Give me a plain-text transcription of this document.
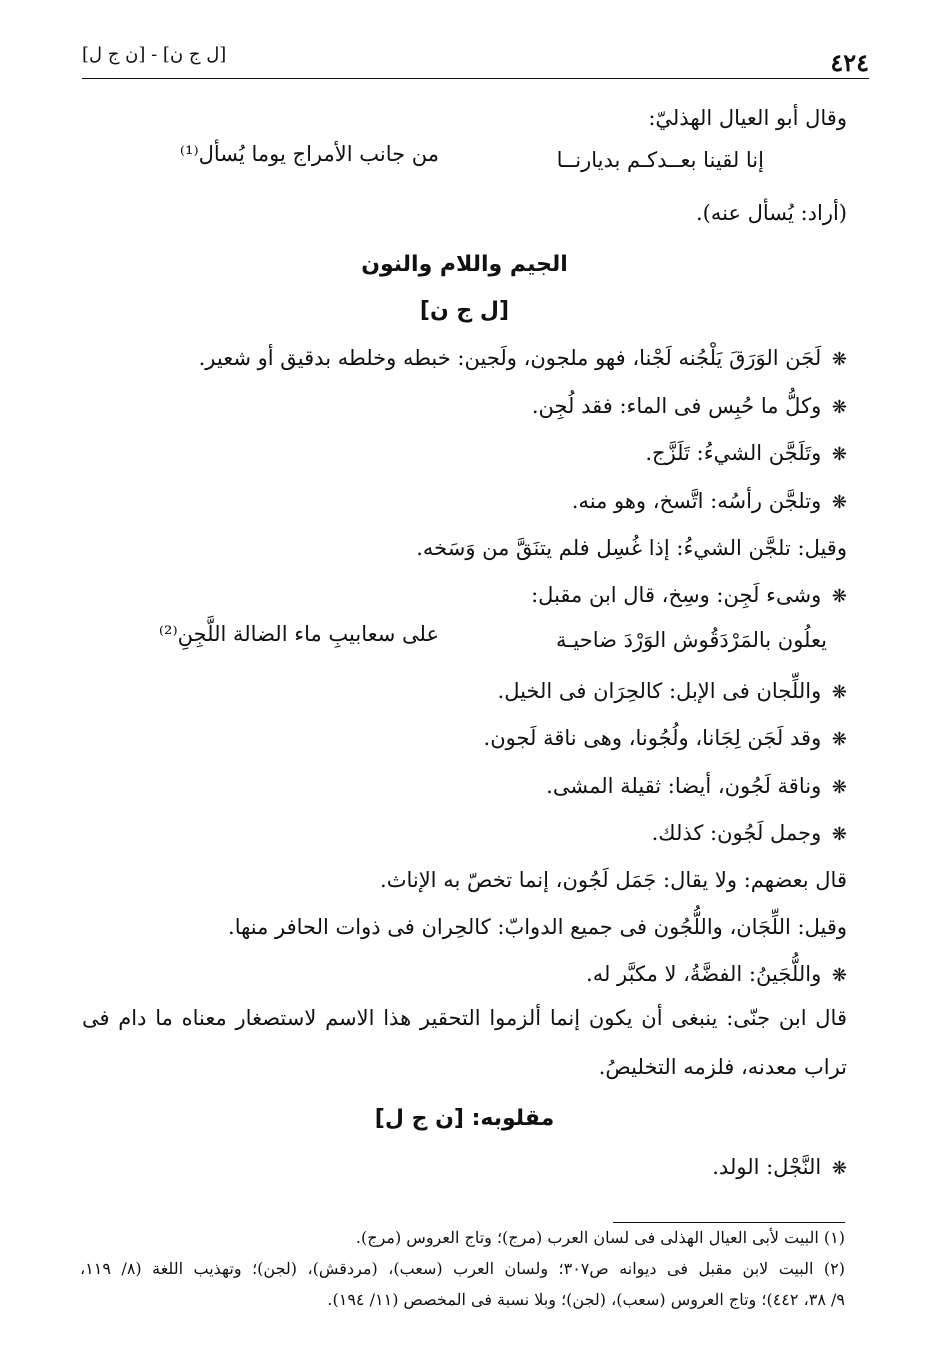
٤٢٤
[ل ج ن] - [ن ج ل]
وقال أبو العيال الهذليّ:
إنا لقينا بعــدكـم بديارنــا
من جانب الأمراج يوما يُسأل⁽¹⁾
(أراد: يُسأل عنه).
الجيم واللام والنون
[ل ج ن]
❋ لَجَن الوَرَقَ يَلْجُنه لَجْنا، فهو ملجون، ولَجين: خبطه وخلطه بدقيق أو شعير.
❋ وكلُّ ما حُبِس فى الماء: فقد لُجِن.
❋ وتَلَجَّن الشيءُ: تَلَزَّج.
❋ وتلجَّن رأسُه: اتَّسخ، وهو منه.
وقيل: تلجَّن الشيءُ: إذا غُسِل فلم يتنَقَّ من وَسَخه.
❋ وشىء لَجِن: وسِخ، قال ابن مقبل:
يعلُون بالمَرْدَقُوش الوَرْدَ ضاحيـة
على سعابيبِ ماء الضالة اللَّجِنِ⁽²⁾
❋ واللِّجان فى الإبل: كالحِرَان فى الخيل.
❋ وقد لَجَن لِجَانا، ولُجُونا، وهى ناقة لَجون.
❋ وناقة لَجُون، أيضا: ثقيلة المشى.
❋ وجمل لَجُون: كذلك.
قال بعضهم: ولا يقال: جَمَل لَجُون، إنما تخصّ به الإناث.
وقيل: اللِّجَان، واللُّجُون فى جميع الدوابّ: كالحِران فى ذوات الحافر منها.
❋ واللُّجَينُ: الفضَّةُ، لا مكبَّر له.
قال ابن جنّى: ينبغى أن يكون إنما ألزموا التحقير هذا الاسم لاستصغار معناه ما دام فى
تراب معدنه، فلزمه التخليصُ.
مقلوبه: [ن ج ل]
❋ النَّجْل: الولد.
(١) البيت لأبى العيال الهذلى فى لسان العرب (مرج)؛ وتاج العروس (مرج).
(٢) البيت لابن مقبل فى ديوانه ص٣٠٧؛ ولسان العرب (سعب)، (مردقش)، (لجن)؛ وتهذيب اللغة (٨/ ١١٩،
٩/ ٣٨، ٤٤٢)؛ وتاج العروس (سعب)، (لجن)؛ وبلا نسبة فى المخصص (١١/ ١٩٤).
